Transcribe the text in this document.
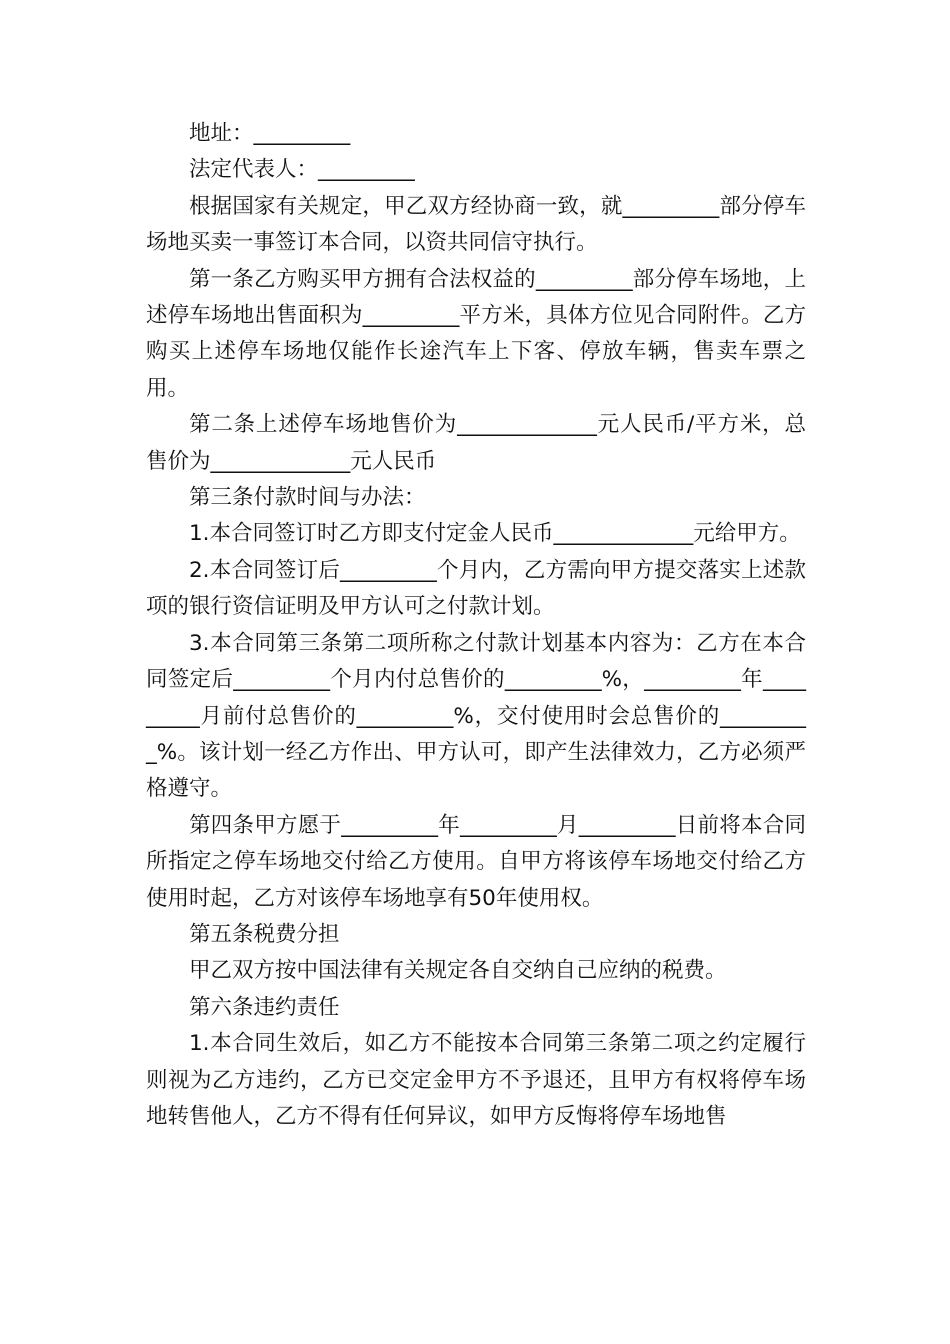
地址：_________

法定代表人：_________

根据国家有关规定，甲乙双方经协商一致，就_________部分停车场地买卖一事签订本合同，以资共同信守执行。

第一条乙方购买甲方拥有合法权益的_________部分停车场地，上述停车场地出售面积为_________平方米，具体方位见合同附件。乙方购买上述停车场地仅能作长途汽车上下客、停放车辆，售卖车票之用。

第二条上述停车场地售价为_____________元人民币/平方米，总售价为_____________元人民币

第三条付款时间与办法：

1.本合同签订时乙方即支付定金人民币_____________元给甲方。

2.本合同签订后_________个月内，乙方需向甲方提交落实上述款项的银行资信证明及甲方认可之付款计划。

3.本合同第三条第二项所称之付款计划基本内容为：乙方在本合同签定后_________个月内付总售价的_________%，_________年_________月前付总售价的_________%，交付使用时会总售价的_________%。该计划一经乙方作出、甲方认可，即产生法律效力，乙方必须严格遵守。

第四条甲方愿于_________年_________月_________日前将本合同所指定之停车场地交付给乙方使用。自甲方将该停车场地交付给乙方使用时起，乙方对该停车场地享有50年使用权。

第五条税费分担

甲乙双方按中国法律有关规定各自交纳自己应纳的税费。

第六条违约责任

1.本合同生效后，如乙方不能按本合同第三条第二项之约定履行则视为乙方违约，乙方已交定金甲方不予退还，且甲方有权将停车场地转售他人，乙方不得有任何异议，如甲方反悔将停车场地售
